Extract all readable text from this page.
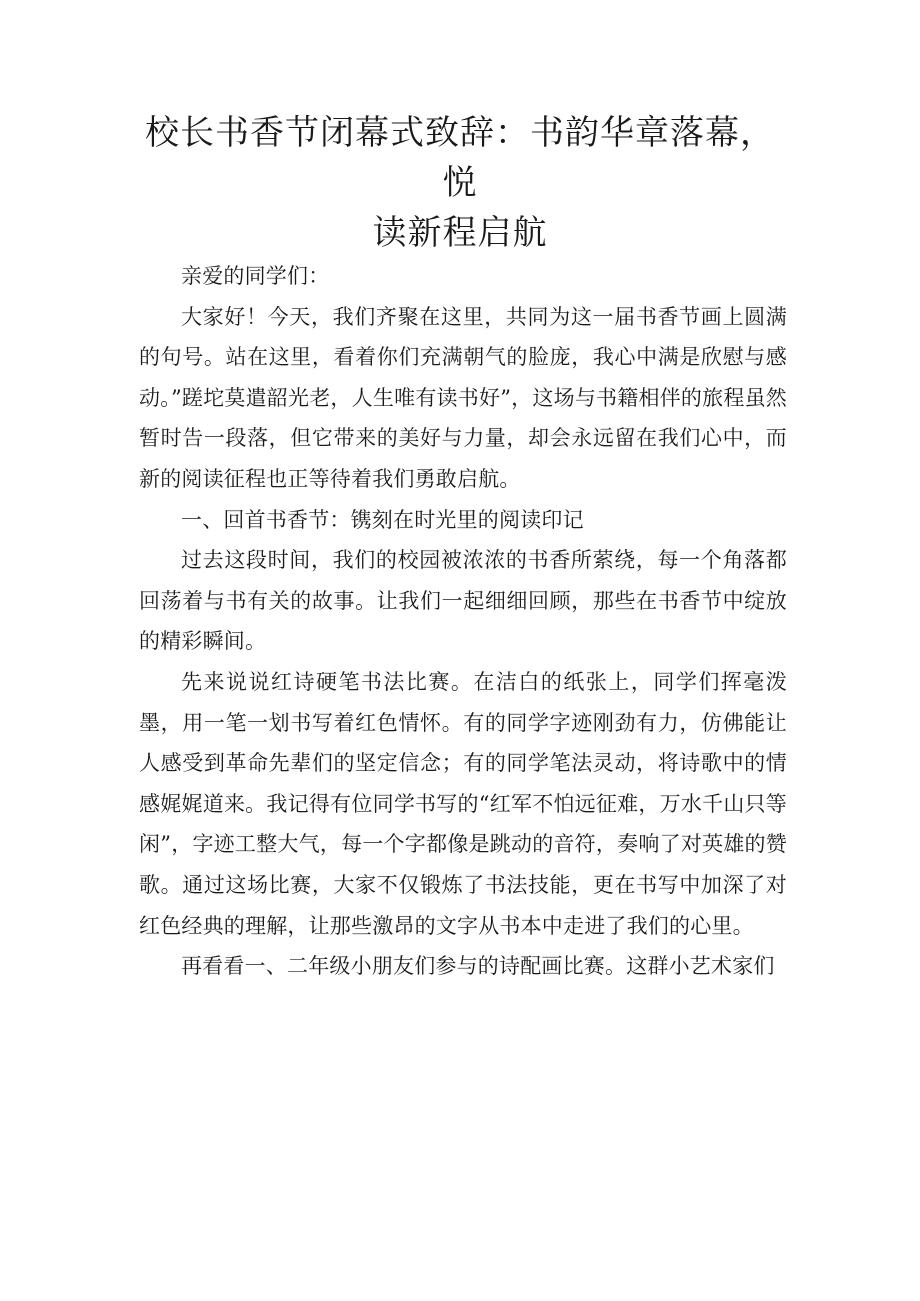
校长书香节闭幕式致辞：书韵华章落幕，悦
读新程启航

亲爱的同学们：

大家好！今天，我们齐聚在这里，共同为这一届书香节画上圆满的句号。站在这里，看着你们充满朝气的脸庞，我心中满是欣慰与感动。”蹉坨莫遣韶光老，人生唯有读书好”，这场与书籍相伴的旅程虽然暂时告一段落，但它带来的美好与力量，却会永远留在我们心中，而新的阅读征程也正等待着我们勇敢启航。

一、回首书香节：镌刻在时光里的阅读印记

过去这段时间，我们的校园被浓浓的书香所萦绕，每一个角落都回荡着与书有关的故事。让我们一起细细回顾，那些在书香节中绽放的精彩瞬间。

先来说说红诗硬笔书法比赛。在洁白的纸张上，同学们挥毫泼墨，用一笔一划书写着红色情怀。有的同学字迹刚劲有力，仿佛能让人感受到革命先辈们的坚定信念；有的同学笔法灵动，将诗歌中的情感娓娓道来。我记得有位同学书写的“红军不怕远征难，万水千山只等闲”，字迹工整大气，每一个字都像是跳动的音符，奏响了对英雄的赞歌。通过这场比赛，大家不仅锻炼了书法技能，更在书写中加深了对红色经典的理解，让那些激昂的文字从书本中走进了我们的心里。

再看看一、二年级小朋友们参与的诗配画比赛。这群小艺术家们
